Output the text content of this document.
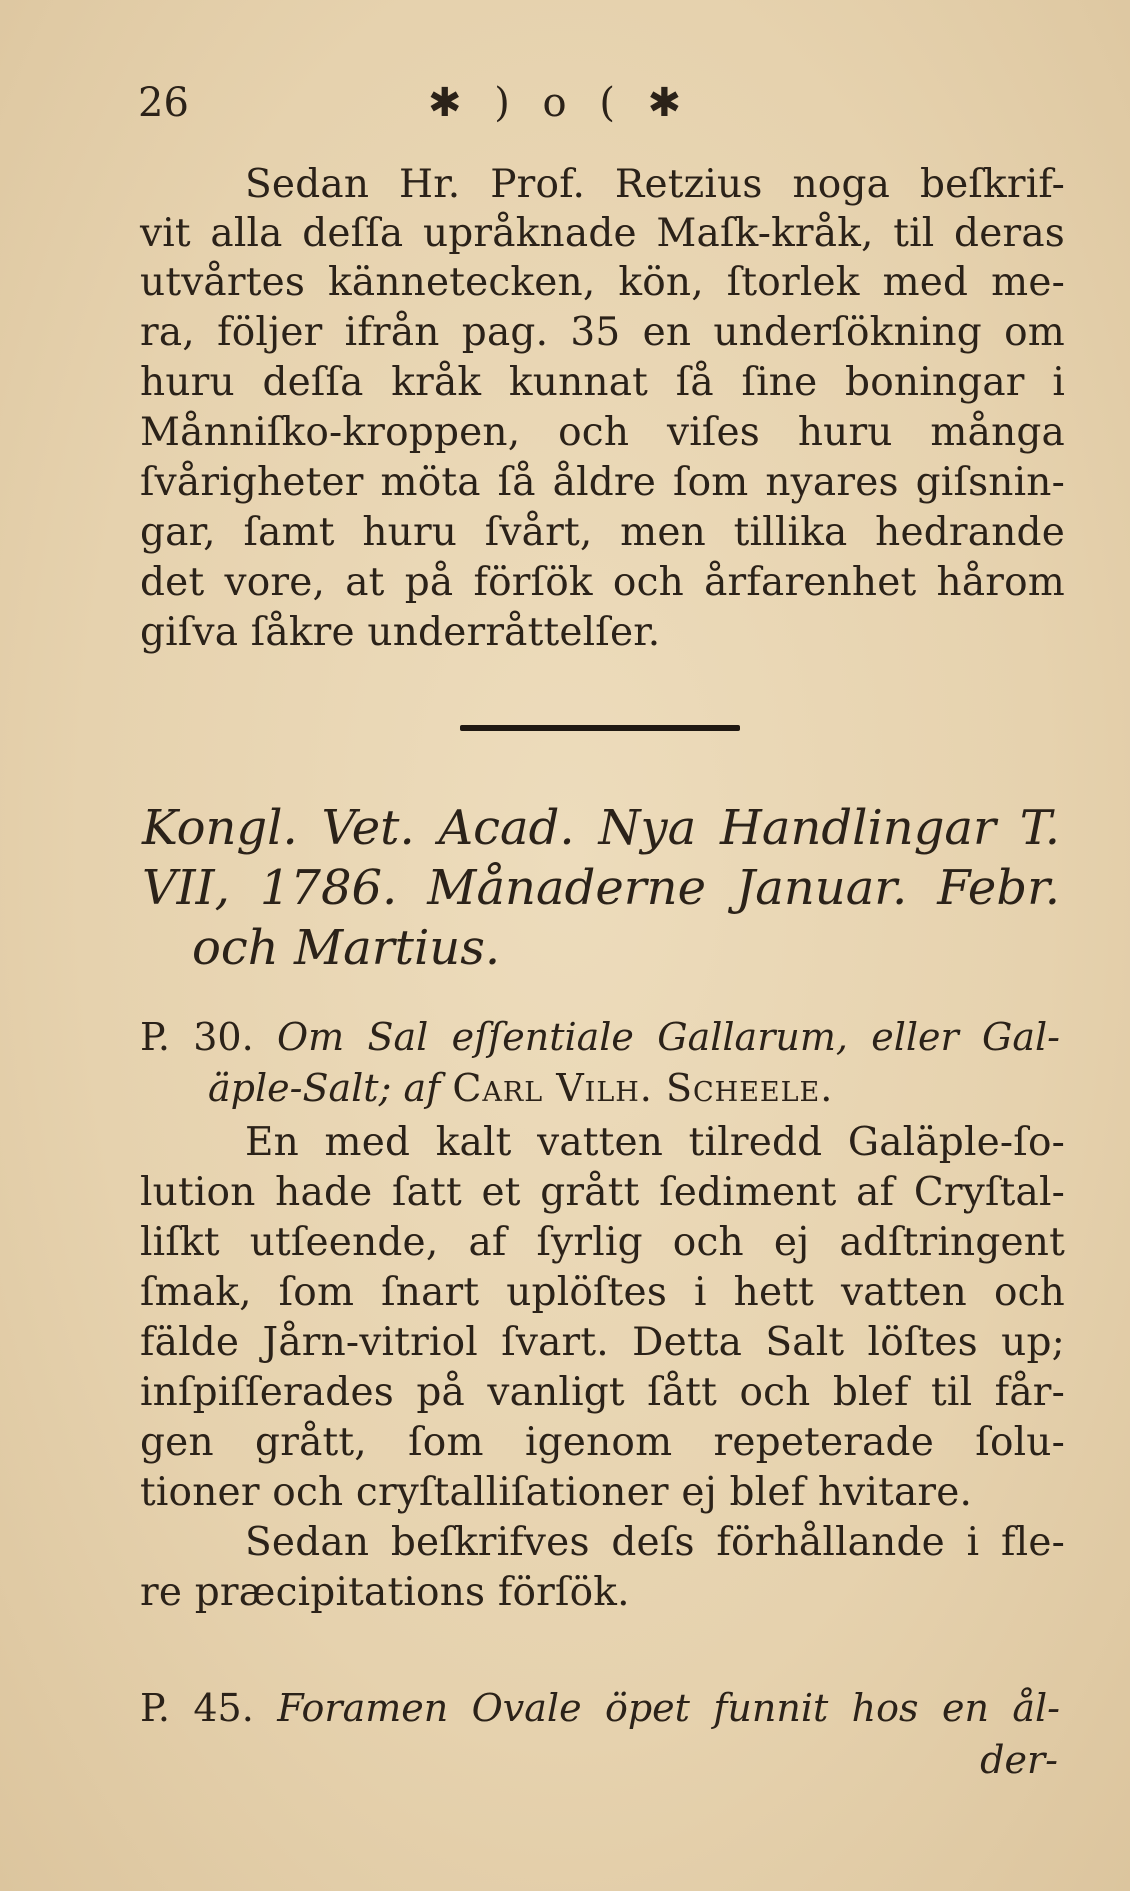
26	✱ ) o ( ✱
Sedan Hr. Prof. Retzius noga beſkrif-
vit alla deſſa upråknade Maſk-kråk, til deras
utvårtes kännetecken, kön, ſtorlek med me-
ra, följer ifrån pag. 35 en underſökning om
huru deſſa kråk kunnat ſå ſine boningar i
Månniſko-kroppen, och viſes huru många
ſvårigheter möta ſå åldre ſom nyares giſsnin-
gar, ſamt huru ſvårt, men tillika hedrande
det vore, at på förſök och årfarenhet hårom
giſva ſåkre underråttelſer.
Kongl. Vet. Acad. Nya Handlingar T.
VII, 1786. Månaderne Januar. Febr.
och Martius.
P. 30. Om Sal eſſentiale Gallarum, eller Gal-
äple-Salt; af Carl Vilh. Scheele.
En med kalt vatten tilredd Galäple-ſo-
lution hade ſatt et grått ſediment af Cryſtal-
liſkt utſeende, af ſyrlig och ej adſtringent
ſmak, ſom ſnart uplöſtes i hett vatten och
fälde Jårn-vitriol ſvart. Detta Salt löſtes up;
inſpiſſerades på vanligt ſått och blef til får-
gen grått, ſom igenom repeterade ſolu-
tioner och cryſtalliſationer ej blef hvitare.
Sedan beſkrifves deſs förhållande i fle-
re præcipitations förſök.
P. 45. Foramen Ovale öpet funnit hos en ål-
der-
